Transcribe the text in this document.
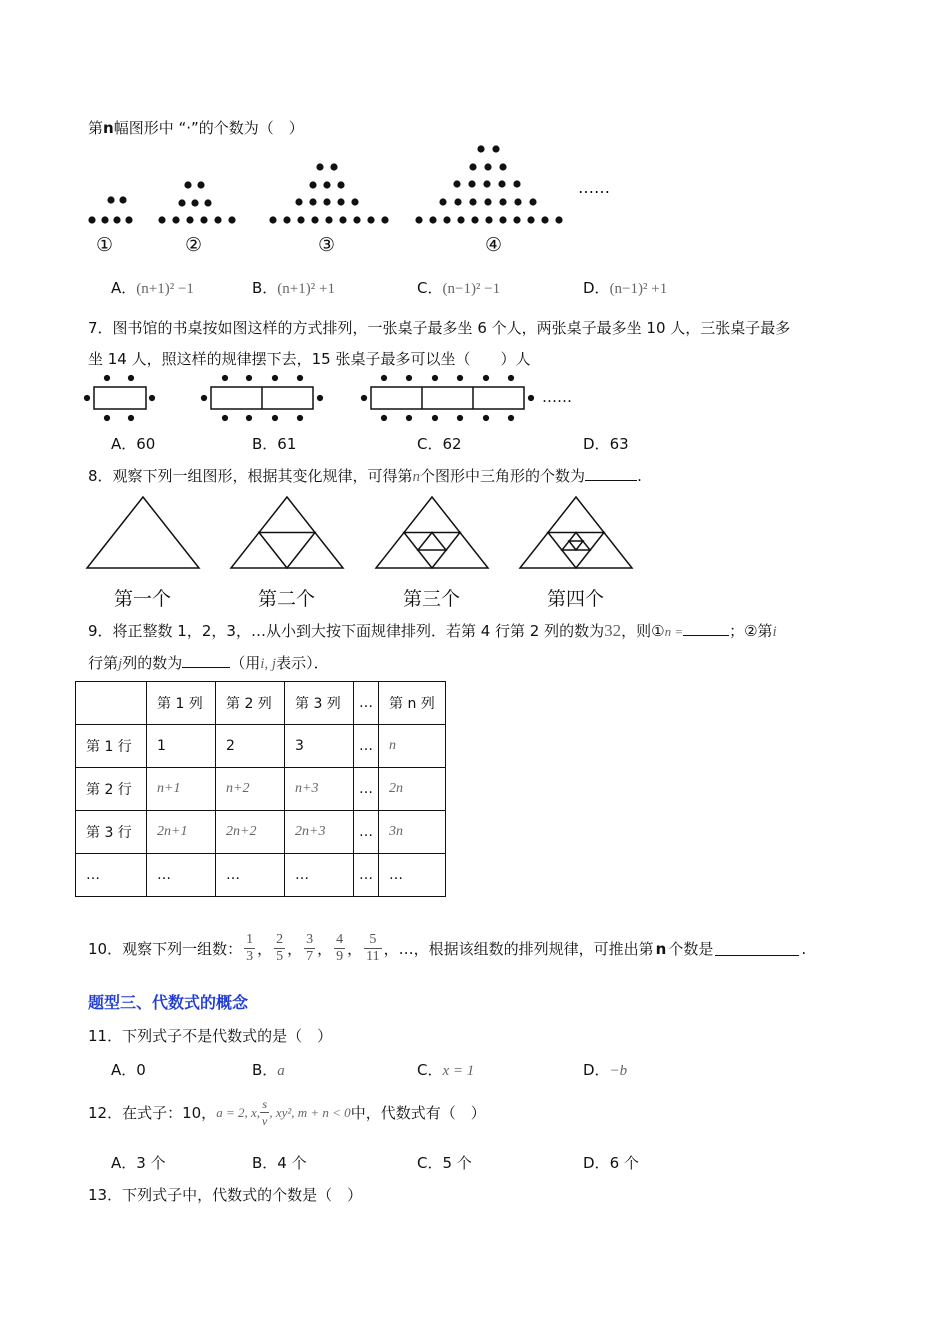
第n幅图形中 “·”的个数为（　）
……
①	②	③	④
A．(n+1)² −1	B．(n+1)² +1	C．(n−1)² −1	D．(n−1)² +1
7．图书馆的书桌按如图这样的方式排列，一张桌子最多坐 6 个人，两张桌子最多坐 10 人，三张桌子最多
坐 14 人，照这样的规律摆下去，15 张桌子最多可以坐（　　）人
……
A．60	B．61	C．62	D．63
8．观察下列一组图形，根据其变化规律，可得第n个图形中三角形的个数为	.
第一个	第二个	第三个	第四个
9．将正整数 1，2，3，…从小到大按下面规律排列．若第 4 行第 2 列的数为32，则①n =	；②第i
行第j列的数为	（用i, j表示）．
	第 1 列	第 2 列	第 3 列	…	第 n 列
第 1 行	1	2	3	…	n
第 2 行	n+1	n+2	n+3	…	2n
第 3 行	2n+1	2n+2	2n+3	…	3n
…	…	…	…	…	…
10．观察下列一组数： $\frac{1}{3}$ ， $\frac{2}{5}$ ， $\frac{3}{7}$ ， $\frac{4}{9}$ ， $\frac{5}{11}$ ，…，根据该组数的排列规律，可推出第 n 个数是	.
题型三、代数式的概念
11．下列式子不是代数式的是（　）
A．0	B．a	C．x = 1	D．−b
12．在式子：10， a = 2, x, $\frac{s}{v}$ , xy², m + n < 0 中，代数式有（　）
A．3 个	B．4 个	C．5 个	D．6 个
13．下列式子中，代数式的个数是（　）
